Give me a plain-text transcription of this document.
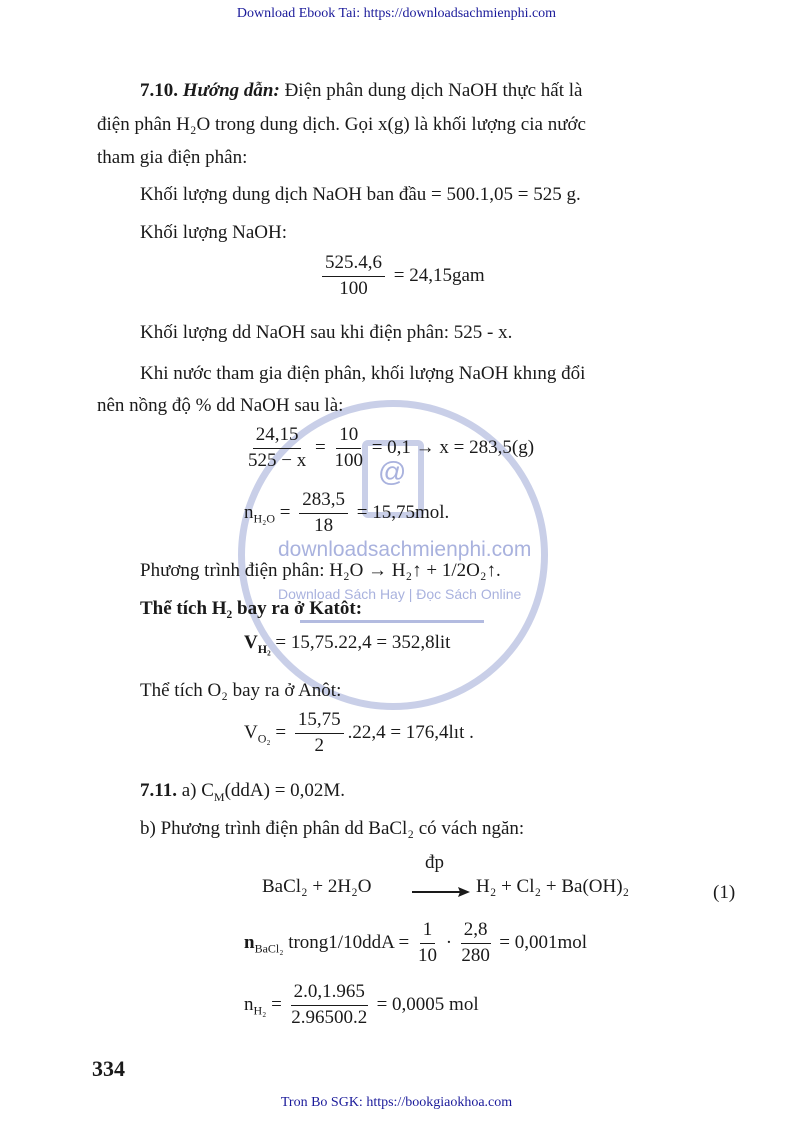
Download Ebook Tai: https://downloadsachmienphi.com
Tron Bo SGK: https://bookgiaokhoa.com
@
downloadsachmienphi.com
Download Sách Hay | Đọc Sách Online
7.10. Hướng dẫn: Điện phân dung dịch NaOH thực hất là
điện phân H₂O trong dung dịch. Gọi x(g) là khối lượng cia nước
tham gia điện phân:
Khối lượng dung dịch NaOH ban đầu = 500.1,05 = 525 g.
Khối lượng NaOH:
$\frac{525.4,6}{100} = 24,15gam$
Khối lượng dd NaOH sau khi điện phân: 525 - x.
Khi nước tham gia điện phân, khối lượng NaOH khıng đổi
nên nồng độ % dd NaOH sau là:
$\frac{24,15}{525 - x} = \frac{10}{100} = 0,1 \to x = 283,5(g)$
$n_{H_2O} = \frac{283,5}{18} = 15,75mol$.
Phương trình điện phân: H₂O → H₂↑ + 1/2O₂↑.
Thể tích H₂ bay ra ở Katôt:
$V_{H_2} = 15,75.22,4 = 352,8lit$
Thể tích O₂ bay ra ở Anôt:
$V_{O_2} = \frac{15,75}{2} .22,4$ = 176,4lıt .
7.11. a) $C_M(ddA) = 0,02M$.
b) Phương trình điện phân dd BaCl₂ có vách ngăn:
BaCl₂ + 2H₂O
đp
→ H₂ + Cl₂ + Ba(OH)₂	(1)
$n_{BaCl_2}$ trong1/10ddA = $\frac{1}{10} \cdot \frac{2,8}{280} = 0,001mol$
$n_{H_2} = \frac{2.0,1.965}{2.96500.2} = 0,0005$ mol
334
